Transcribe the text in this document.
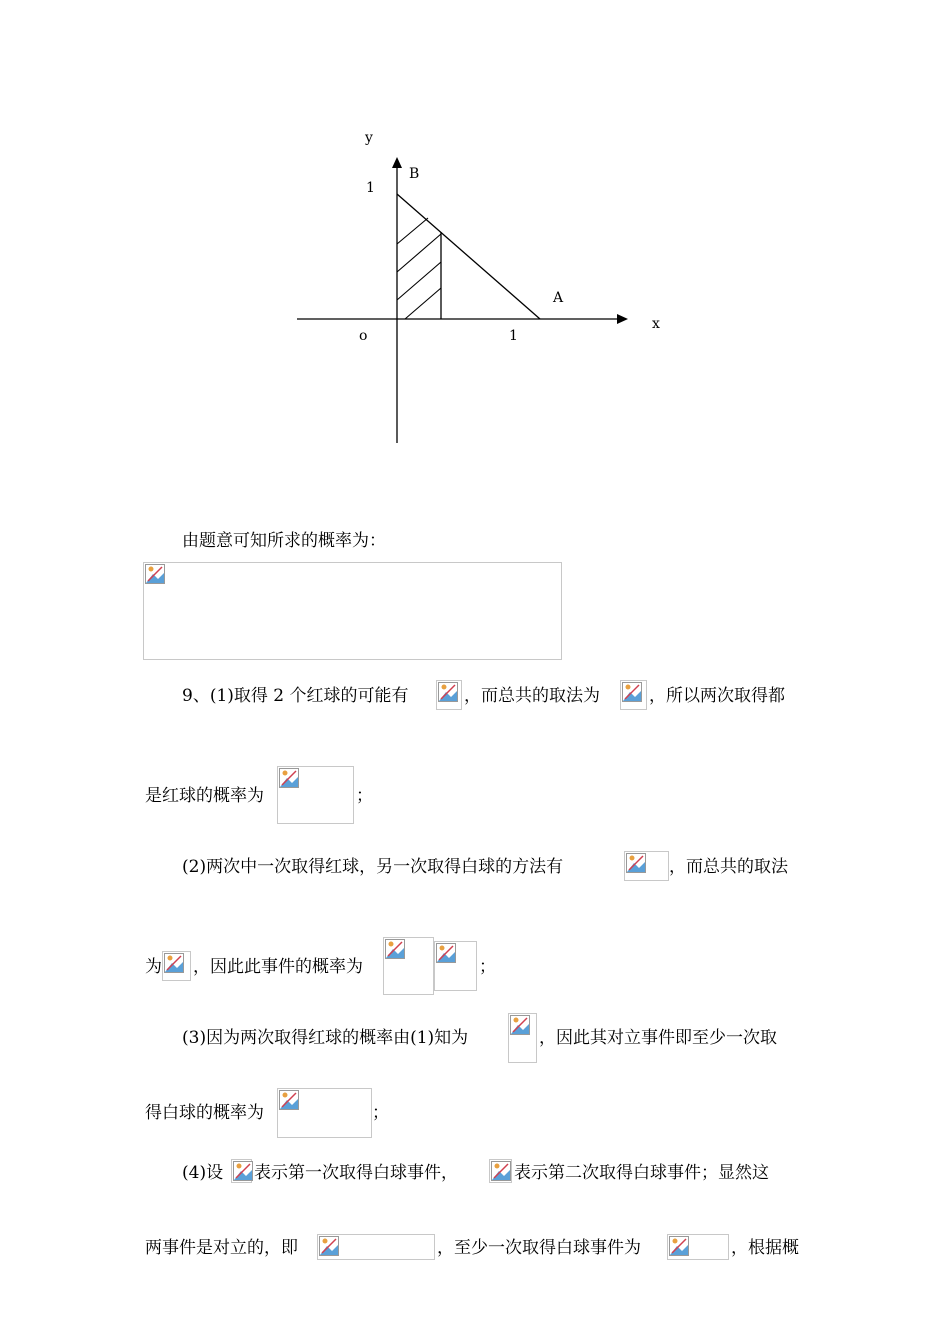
y
1
B
A
x
o	1
由题意可知所求的概率为：
9、(1)取得 2 个红球的可能有	，而总共的取法为	，所以两次取得都
是红球的概率为	；
(2)两次中一次取得红球，另一次取得白球的方法有	，而总共的取法
为 ，因此此事件的概率为	；
(3)因为两次取得红球的概率由(1)知为	，因此其对立事件即至少一次取
得白球的概率为	；
(4)设 表示第一次取得白球事件，	表示第二次取得白球事件；显然这
两事件是对立的，即	，至少一次取得白球事件为	，根据概
